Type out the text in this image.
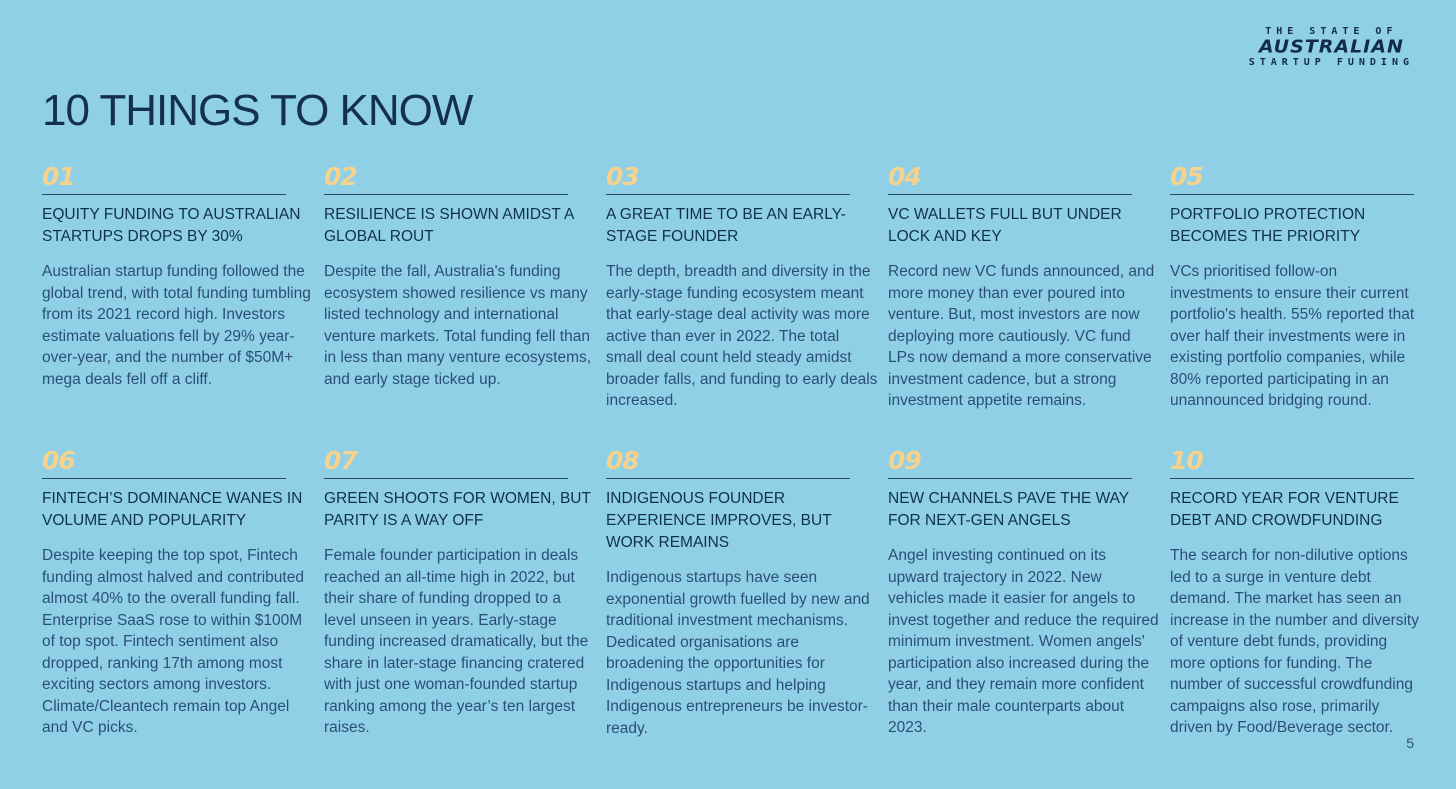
THE STATE OF
AUSTRALIAN
STARTUP FUNDING
10 THINGS TO KNOW
01
EQUITY FUNDING TO AUSTRALIAN STARTUPS DROPS BY 30%
Australian startup funding followed the global trend, with total funding tumbling from its 2021 record high. Investors estimate valuations fell by 29% year-over-year, and the number of $50M+ mega deals fell off a cliff.
02
RESILIENCE IS SHOWN AMIDST A GLOBAL ROUT
Despite the fall, Australia's funding ecosystem showed resilience vs many listed technology and international venture markets. Total funding fell than in less than many venture ecosystems, and early stage ticked up.
03
A GREAT TIME TO BE AN EARLY-STAGE FOUNDER
The depth, breadth and diversity in the early-stage funding ecosystem meant that early-stage deal activity was more active than ever in 2022. The total small deal count held steady amidst broader falls, and funding to early deals increased.
04
VC WALLETS FULL BUT UNDER LOCK AND KEY
Record new VC funds announced, and more money than ever poured into venture. But, most investors are now deploying more cautiously. VC fund LPs now demand a more conservative investment cadence, but a strong investment appetite remains.
05
PORTFOLIO PROTECTION BECOMES THE PRIORITY
VCs prioritised follow-on investments to ensure their current portfolio's health. 55% reported that over half their investments were in existing portfolio companies, while 80% reported participating in an unannounced bridging round.
06
FINTECH’S DOMINANCE WANES IN VOLUME AND POPULARITY
Despite keeping the top spot, Fintech funding almost halved and contributed almost 40% to the overall funding fall. Enterprise SaaS rose to within $100M of top spot. Fintech sentiment also dropped, ranking 17th among most exciting sectors among investors. Climate/Cleantech remain top Angel and VC picks.
07
GREEN SHOOTS FOR WOMEN, BUT PARITY IS A WAY OFF
Female founder participation in deals reached an all-time high in 2022, but their share of funding dropped to a level unseen in years. Early-stage funding increased dramatically, but the share in later-stage financing cratered with just one woman-founded startup ranking among the year’s ten largest raises.
08
INDIGENOUS FOUNDER EXPERIENCE IMPROVES, BUT WORK REMAINS
Indigenous startups have seen exponential growth fuelled by new and traditional investment mechanisms. Dedicated organisations are broadening the opportunities for Indigenous startups and helping Indigenous entrepreneurs be investor-ready.
09
NEW CHANNELS PAVE THE WAY FOR NEXT-GEN ANGELS
Angel investing continued on its upward trajectory in 2022. New vehicles made it easier for angels to invest together and reduce the required minimum investment. Women angels' participation also increased during the year, and they remain more confident than their male counterparts about 2023.
10
RECORD YEAR FOR VENTURE DEBT AND CROWDFUNDING
The search for non-dilutive options led to a surge in venture debt demand. The market has seen an increase in the number and diversity of venture debt funds, providing more options for funding. The number of successful crowdfunding campaigns also rose, primarily driven by Food/Beverage sector.
5
